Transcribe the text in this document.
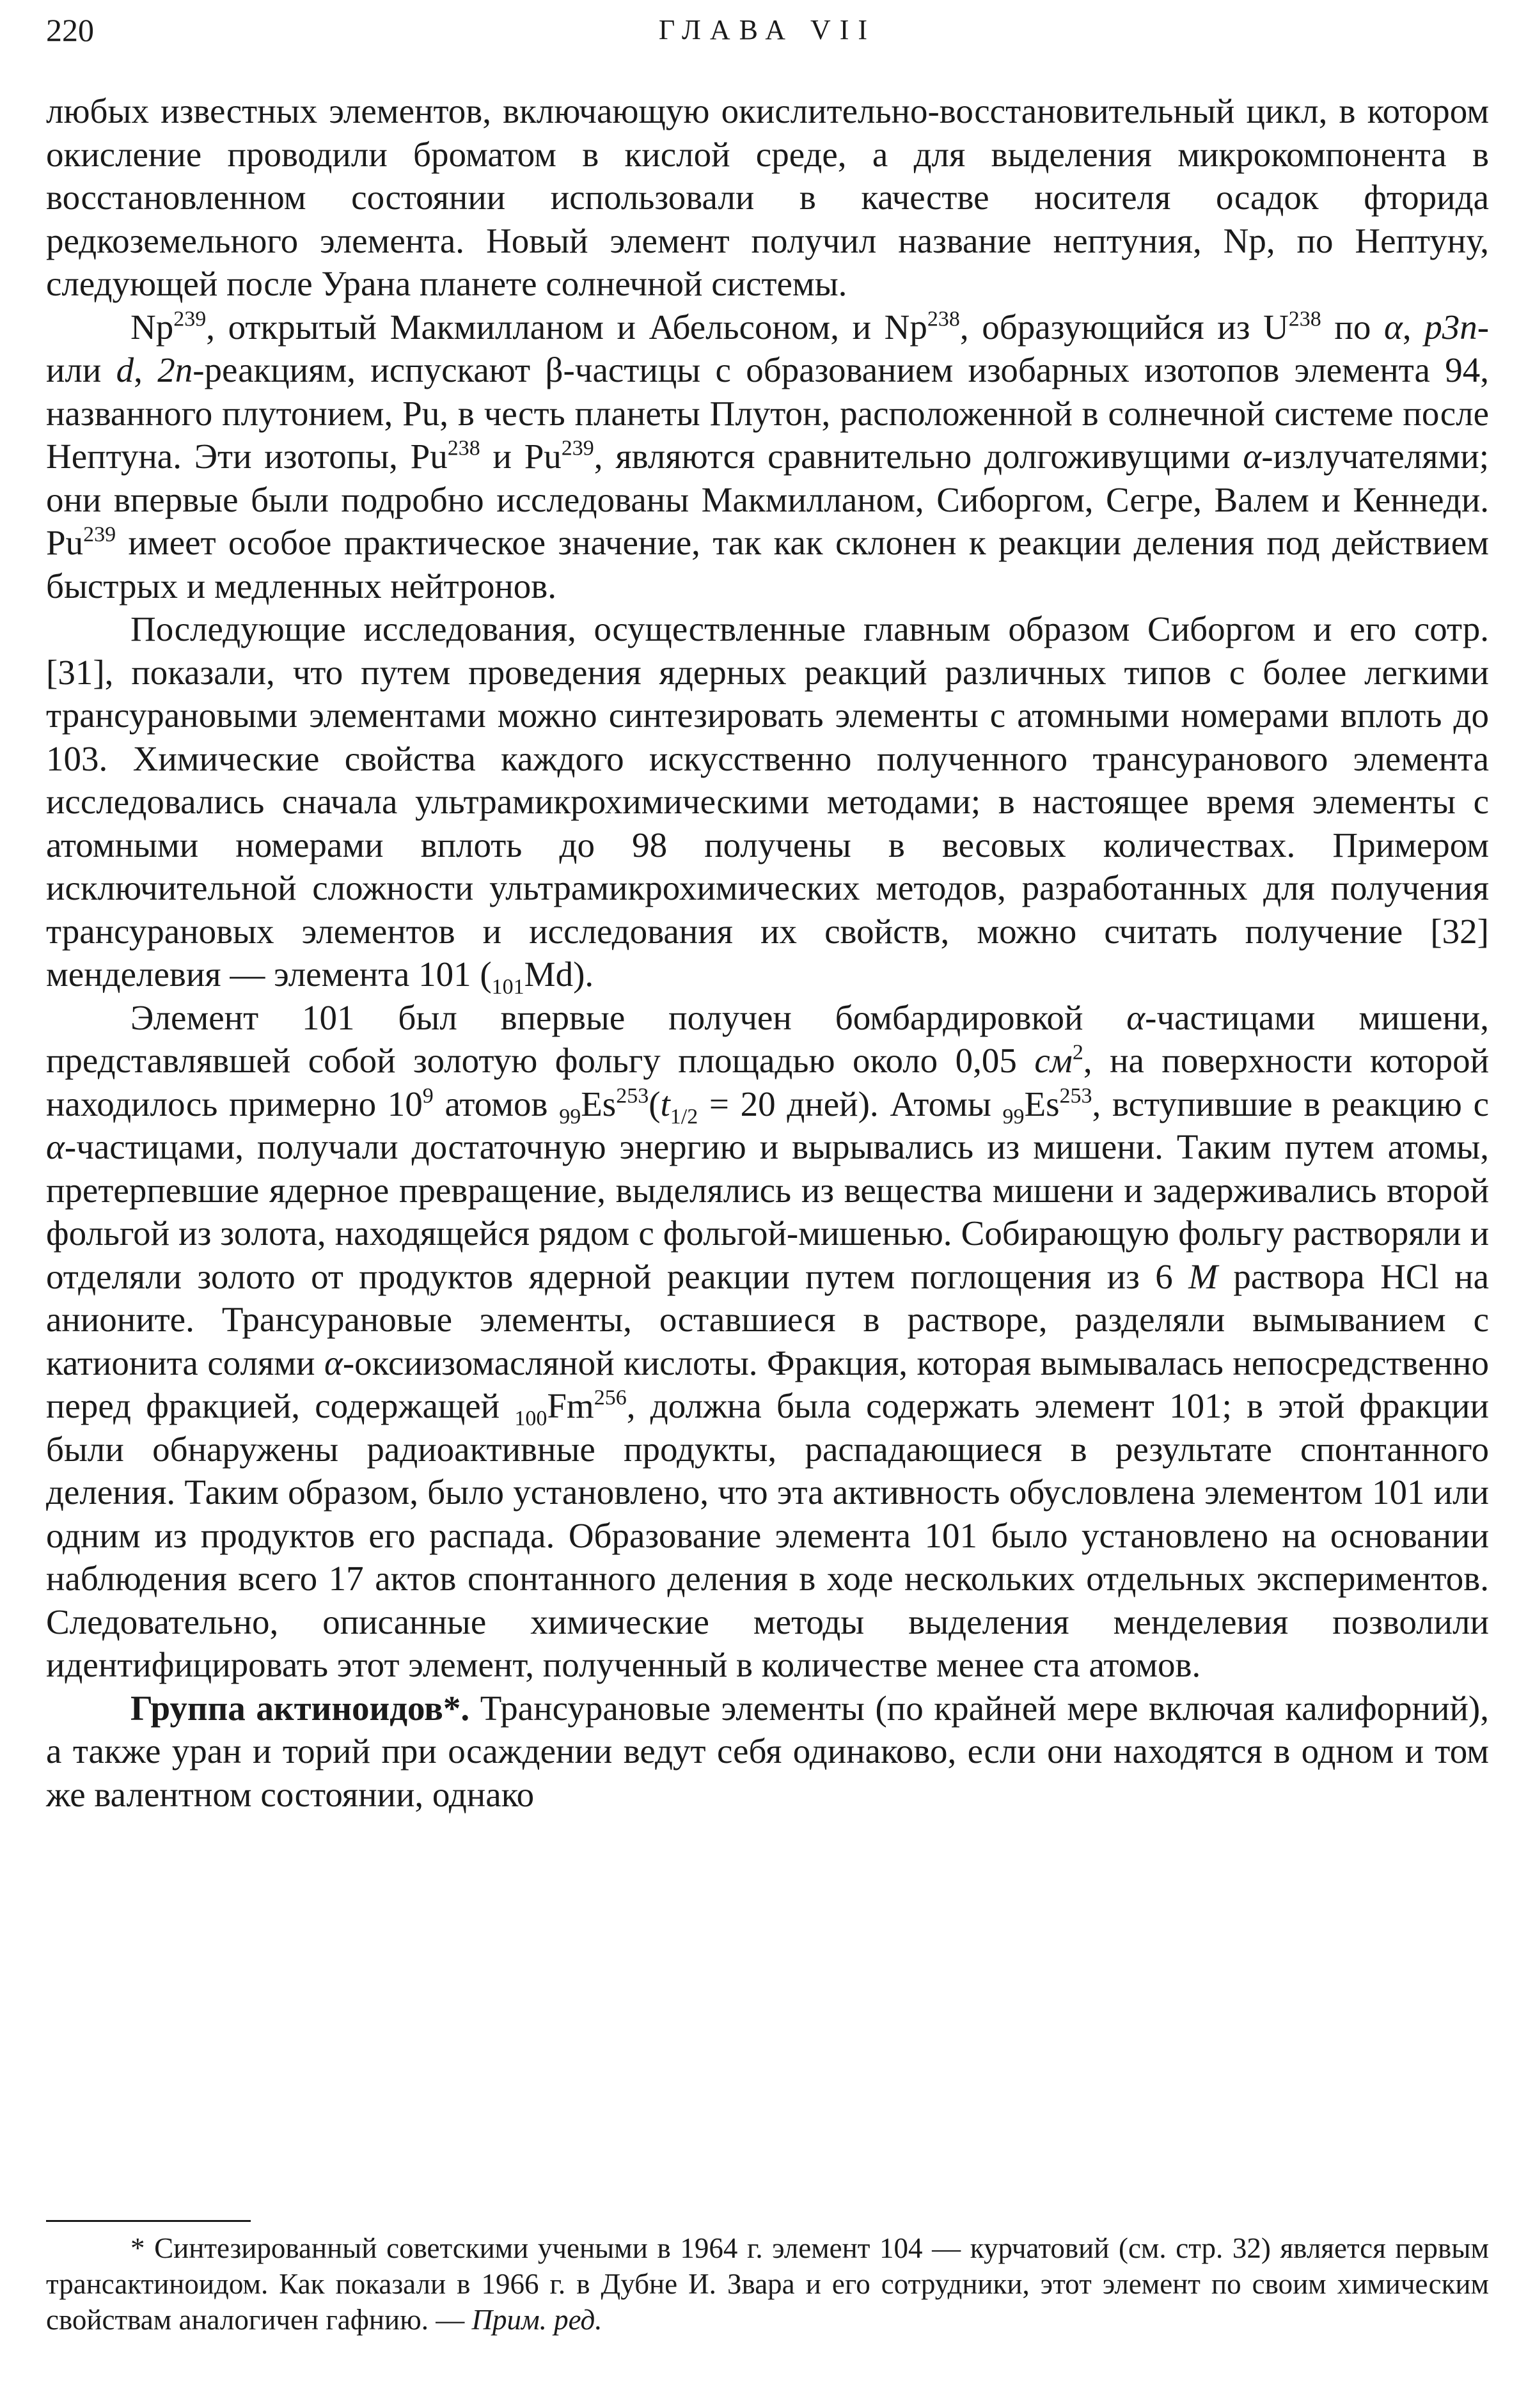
220	ГЛАВА VII

любых известных элементов, включающую окислительно-восстановительный цикл, в котором окисление проводили броматом в кислой среде, а для выделения микрокомпонента в восстановленном состоянии использовали в качестве носителя осадок фторида редкоземельного элемента. Новый элемент получил название нептуния, Np, по Нептуну, следующей после Урана планете солнечной системы.

Np$^{239}$, открытый Макмилланом и Абельсоном, и Np$^{238}$, образующийся из $U^{238}$ по α, p3n- или d, 2n-реакциям, испускают β-частицы с образованием изобарных изотопов элемента 94, названного плутонием, Pu, в честь планеты Плутон, расположенной в солнечной системе после Нептуна. Эти изотопы, Pu$^{238}$ и Pu$^{239}$, являются сравнительно долгоживущими α-излучателями; они впервые были подробно исследованы Макмилланом, Сиборгом, Сегре, Валем и Кеннеди. Pu$^{239}$ имеет особое практическое значение, так как склонен к реакции деления под действием быстрых и медленных нейтронов.

Последующие исследования, осуществленные главным образом Сиборгом и его сотр. [31], показали, что путем проведения ядерных реакций различных типов с более легкими трансурановыми элементами можно синтезировать элементы с атомными номерами вплоть до 103. Химические свойства каждого искусственно полученного трансуранового элемента исследовались сначала ультрамикрохимическими методами; в настоящее время элементы с атомными номерами вплоть до 98 получены в весовых количествах. Примером исключительной сложности ультрамикрохимических методов, разработанных для получения трансурановых элементов и исследования их свойств, можно считать получение [32] менделевия — элемента 101 $(_{101}Md)$.

Элемент 101 был впервые получен бомбардировкой α-частицами мишени, представлявшей собой золотую фольгу площадью около 0,05 $см^2$, на поверхности которой находилось примерно $10^9$ атомов $_{99}Es^{253}(t_{1/2} = 20$ дней). Атомы $_{99}Es^{253}$, вступившие в реакцию с α-частицами, получали достаточную энергию и вырывались из мишени. Таким путем атомы, претерпевшие ядерное превращение, выделялись из вещества мишени и задерживались второй фольгой из золота, находящейся рядом с фольгой-мишенью. Собирающую фольгу растворяли и отделяли золото от продуктов ядерной реакции путем поглощения из 6 M раствора HCl на анионите. Трансурановые элементы, оставшиеся в растворе, разделяли вымыванием с катионита солями α-оксиизомасляной кислоты. Фракция, которая вымывалась непосредственно перед фракцией, содержащей $_{100}Fm^{256}$, должна была содержать элемент 101; в этой фракции были обнаружены радиоактивные продукты, распадающиеся в результате спонтанного деления. Таким образом, было установлено, что эта активность обусловлена элементом 101 или одним из продуктов его распада. Образование элемента 101 было установлено на основании наблюдения всего 17 актов спонтанного деления в ходе нескольких отдельных экспериментов. Следовательно, описанные химические методы выделения менделевия позволили идентифицировать этот элемент, полученный в количестве менее ста атомов.

Группа актиноидов*. Трансурановые элементы (по крайней мере включая калифорний), а также уран и торий при осаждении ведут себя одинаково, если они находятся в одном и том же валентном состоянии, однако

* Синтезированный советскими учеными в 1964 г. элемент 104 — курчатовий (см. стр. 32) является первым трансактиноидом. Как показали в 1966 г. в Дубне И. Звара и его сотрудники, этот элемент по своим химическим свойствам аналогичен гафнию. — Прим. ред.
